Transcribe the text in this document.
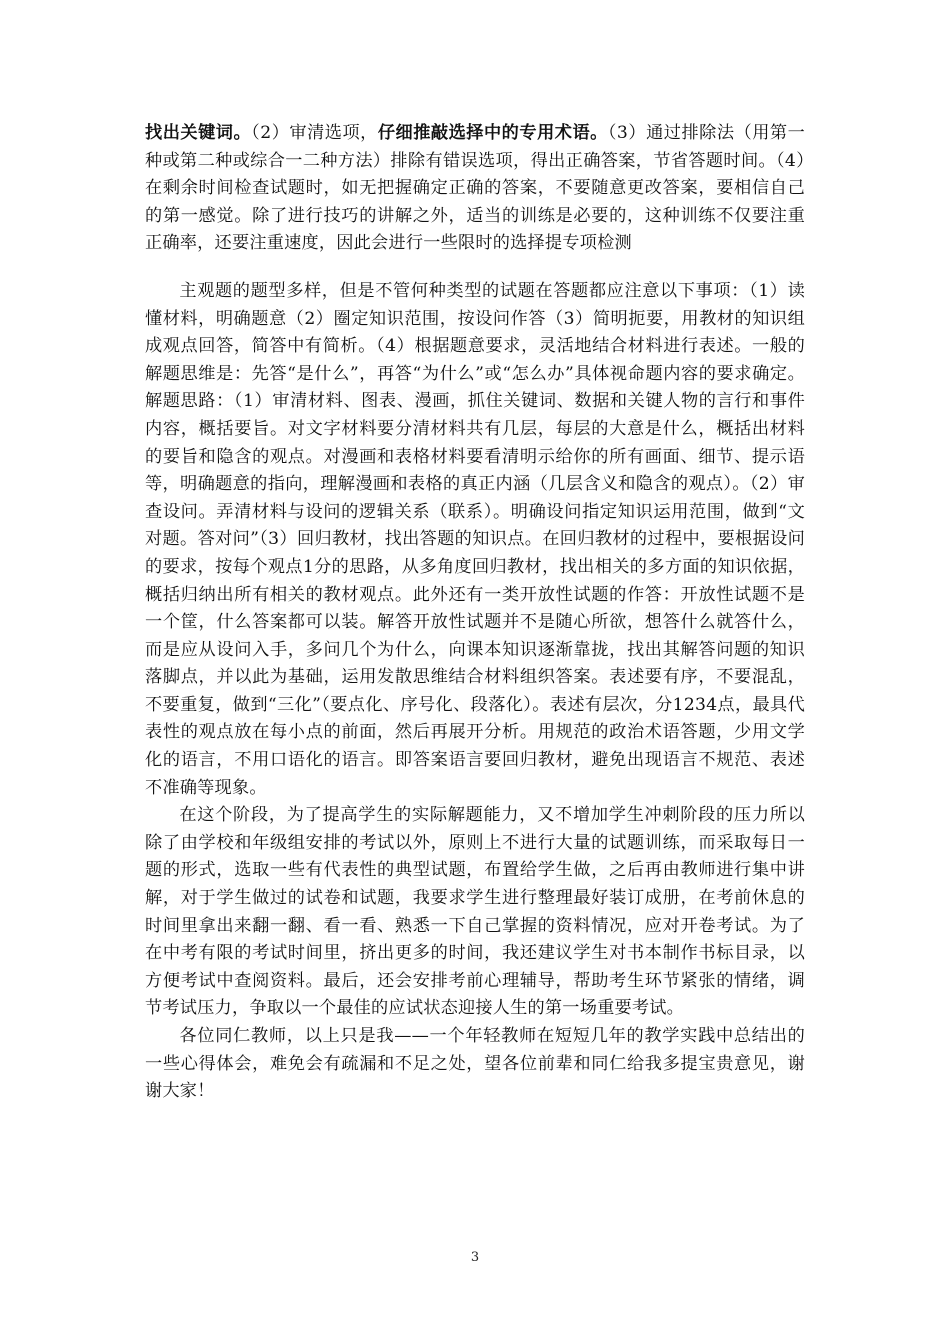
找出关键词。（2）审清选项，仔细推敲选择中的专用术语。（3）通过排除法（用第一种或第二种或综合一二种方法）排除有错误选项，得出正确答案，节省答题时间。（4）在剩余时间检查试题时，如无把握确定正确的答案，不要随意更改答案，要相信自己的第一感觉。除了进行技巧的讲解之外，适当的训练是必要的，这种训练不仅要注重正确率，还要注重速度，因此会进行一些限时的选择提专项检测

主观题的题型多样，但是不管何种类型的试题在答题都应注意以下事项：（1）读懂材料，明确题意（2）圈定知识范围，按设问作答（3）简明扼要，用教材的知识组成观点回答，简答中有简析。（4）根据题意要求，灵活地结合材料进行表述。一般的解题思维是：先答“是什么”，再答“为什么”或“怎么办”具体视命题内容的要求确定。解题思路：（1）审清材料、图表、漫画，抓住关键词、数据和关键人物的言行和事件内容，概括要旨。对文字材料要分清材料共有几层，每层的大意是什么，概括出材料的要旨和隐含的观点。对漫画和表格材料要看清明示给你的所有画面、细节、提示语等，明确题意的指向，理解漫画和表格的真正内涵（几层含义和隐含的观点）。（2）审查设问。弄清材料与设问的逻辑关系（联系）。明确设问指定知识运用范围，做到“文对题。答对问”（3）回归教材，找出答题的知识点。在回归教材的过程中，要根据设问的要求，按每个观点1分的思路，从多角度回归教材，找出相关的多方面的知识依据，概括归纳出所有相关的教材观点。此外还有一类开放性试题的作答：开放性试题不是一个筐，什么答案都可以装。解答开放性试题并不是随心所欲，想答什么就答什么，而是应从设问入手，多问几个为什么，向课本知识逐渐靠拢，找出其解答问题的知识落脚点，并以此为基础，运用发散思维结合材料组织答案。表述要有序，不要混乱，不要重复，做到“三化”（要点化、序号化、段落化）。表述有层次，分1234点，最具代表性的观点放在每小点的前面，然后再展开分析。用规范的政治术语答题，少用文学化的语言，不用口语化的语言。即答案语言要回归教材，避免出现语言不规范、表述不准确等现象。

在这个阶段，为了提高学生的实际解题能力，又不增加学生冲刺阶段的压力所以除了由学校和年级组安排的考试以外，原则上不进行大量的试题训练，而采取每日一题的形式，选取一些有代表性的典型试题，布置给学生做，之后再由教师进行集中讲解，对于学生做过的试卷和试题，我要求学生进行整理最好装订成册，在考前休息的时间里拿出来翻一翻、看一看、熟悉一下自己掌握的资料情况，应对开卷考试。为了在中考有限的考试时间里，挤出更多的时间，我还建议学生对书本制作书标目录，以方便考试中查阅资料。最后，还会安排考前心理辅导，帮助考生环节紧张的情绪，调节考试压力，争取以一个最佳的应试状态迎接人生的第一场重要考试。

各位同仁教师，以上只是我——一个年轻教师在短短几年的教学实践中总结出的一些心得体会，难免会有疏漏和不足之处，望各位前辈和同仁给我多提宝贵意见，谢谢大家！

3
